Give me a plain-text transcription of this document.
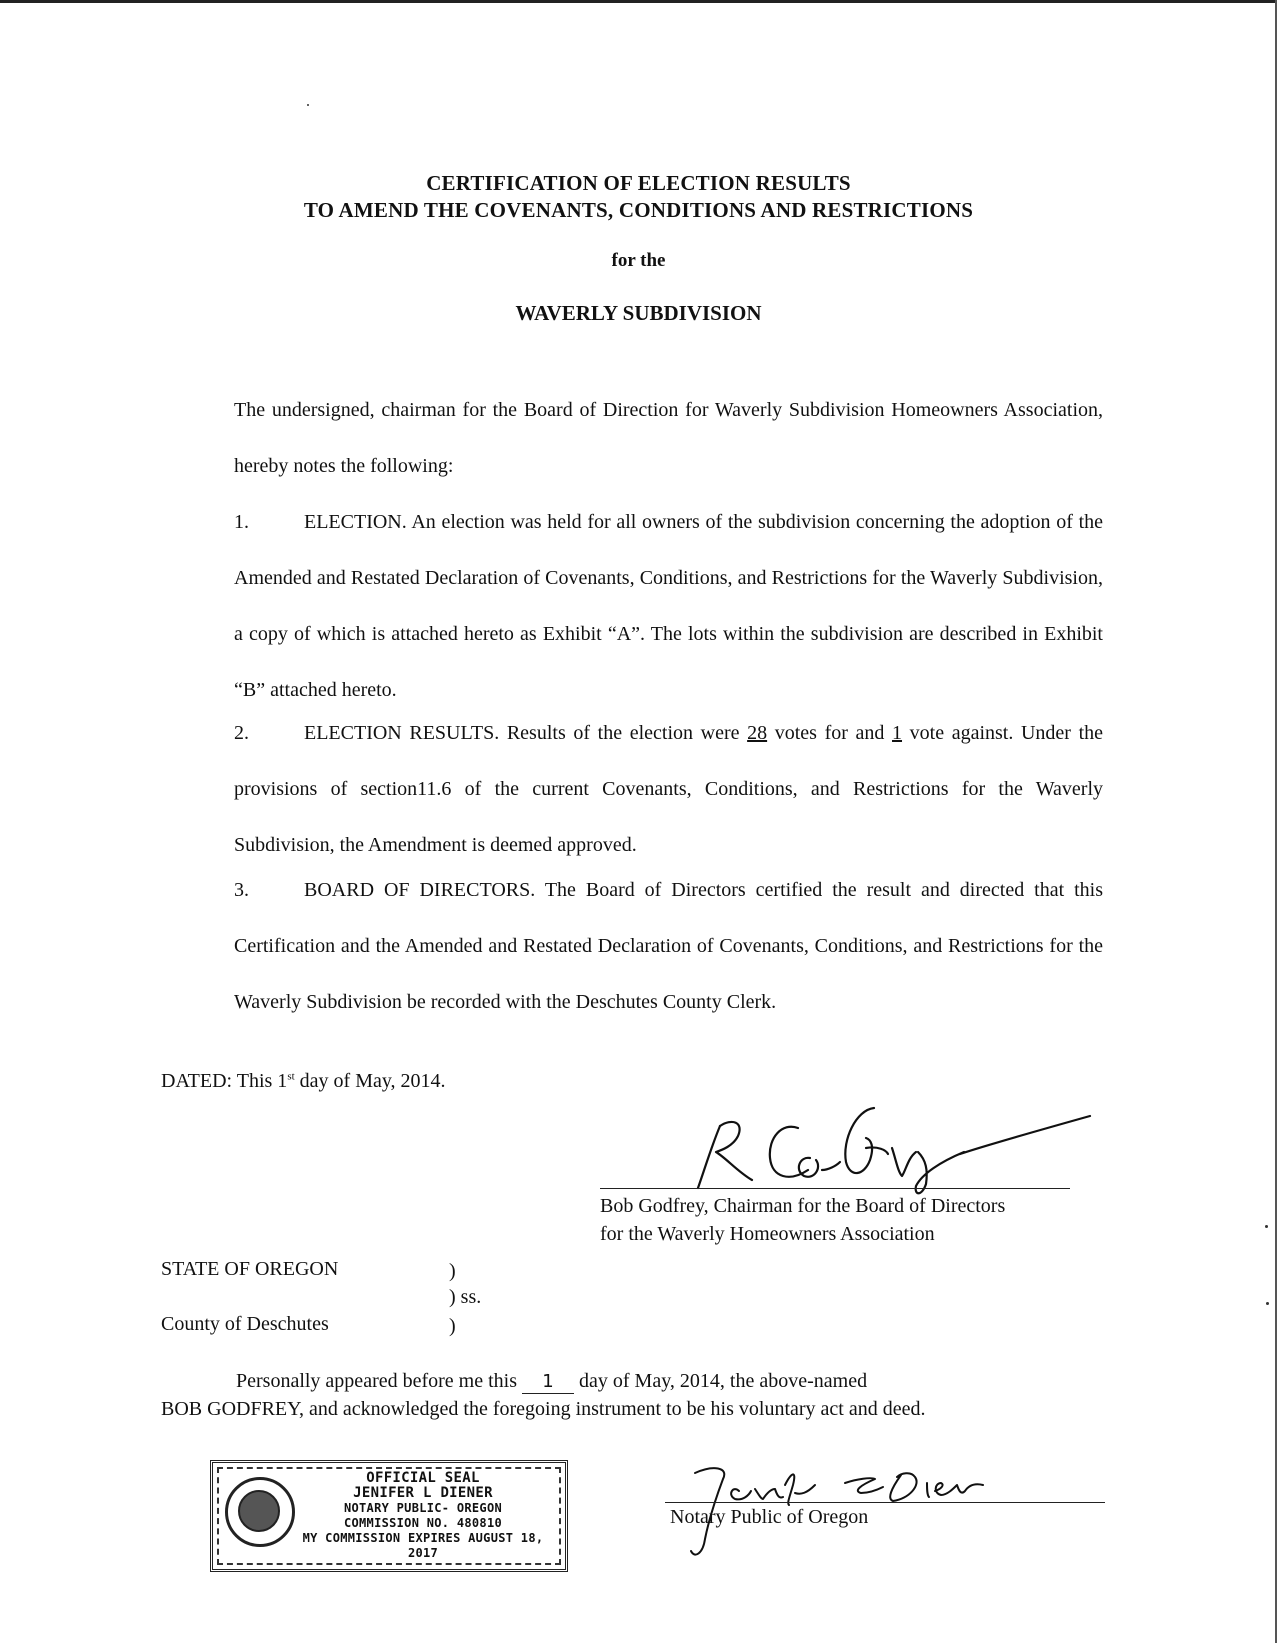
CERTIFICATION OF ELECTION RESULTS
TO AMEND THE COVENANTS, CONDITIONS AND RESTRICTIONS
for the
WAVERLY SUBDIVISION
The undersigned, chairman for the Board of Direction for Waverly Subdivision Homeowners Association, hereby notes the following:
1.	ELECTION. An election was held for all owners of the subdivision concerning the adoption of the Amended and Restated Declaration of Covenants, Conditions, and Restrictions for the Waverly Subdivision, a copy of which is attached hereto as Exhibit “A”. The lots within the subdivision are described in Exhibit “B” attached hereto.
2.	ELECTION RESULTS. Results of the election were 28 votes for and 1 vote against. Under the provisions of section11.6 of the current Covenants, Conditions, and Restrictions for the Waverly Subdivision, the Amendment is deemed approved.
3.	BOARD OF DIRECTORS. The Board of Directors certified the result and directed that this Certification and the Amended and Restated Declaration of Covenants, Conditions, and Restrictions for the Waverly Subdivision be recorded with the Deschutes County Clerk.
DATED: This 1st day of May, 2014.
Bob Godfrey, Chairman for the Board of Directors
for the Waverly Homeowners Association
STATE OF OREGON	)
) ss.
County of Deschutes	)
Personally appeared before me this 1 day of May, 2014, the above-named
BOB GODFREY, and acknowledged the foregoing instrument to be his voluntary act and deed.
OFFICIAL SEAL
JENIFER L DIENER
NOTARY PUBLIC- OREGON
COMMISSION NO. 480810
MY COMMISSION EXPIRES AUGUST 18, 2017
Notary Public of Oregon
